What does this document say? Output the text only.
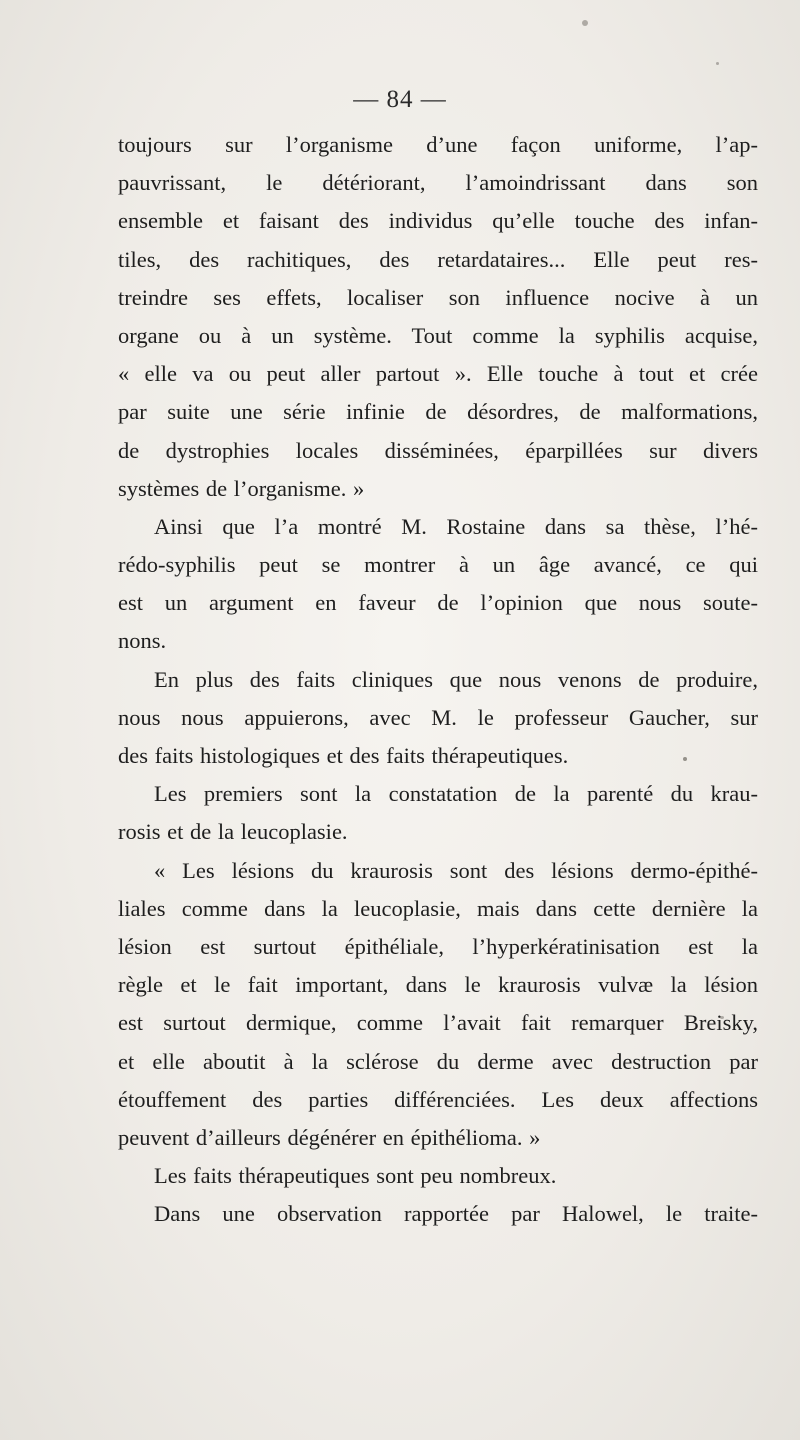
— 84 —
toujours sur l’organisme d’une façon uniforme, l’ap-
pauvrissant, le détériorant, l’amoindrissant dans son
ensemble et faisant des individus qu’elle touche des infan-
tiles, des rachitiques, des retardataires... Elle peut res-
treindre ses effets, localiser son influence nocive à un
organe ou à un système. Tout comme la syphilis acquise,
« elle va ou peut aller partout ». Elle touche à tout et crée
par suite une série infinie de désordres, de malformations,
de dystrophies locales disséminées, éparpillées sur divers
systèmes de l’organisme. »
Ainsi que l’a montré M. Rostaine dans sa thèse, l’hé-
rédo-syphilis peut se montrer à un âge avancé, ce qui
est un argument en faveur de l’opinion que nous soute-
nons.
En plus des faits cliniques que nous venons de produire,
nous nous appuierons, avec M. le professeur Gaucher, sur
des faits histologiques et des faits thérapeutiques.
Les premiers sont la constatation de la parenté du krau-
rosis et de la leucoplasie.
« Les lésions du kraurosis sont des lésions dermo-épithé-
liales comme dans la leucoplasie, mais dans cette dernière la
lésion est surtout épithéliale, l’hyperkératinisation est la
règle et le fait important, dans le kraurosis vulvæ la lésion
est surtout dermique, comme l’avait fait remarquer Breisky,
et elle aboutit à la sclérose du derme avec destruction par
étouffement des parties différenciées. Les deux affections
peuvent d’ailleurs dégénérer en épithélioma. »
Les faits thérapeutiques sont peu nombreux.
Dans une observation rapportée par Halowel, le traite-
